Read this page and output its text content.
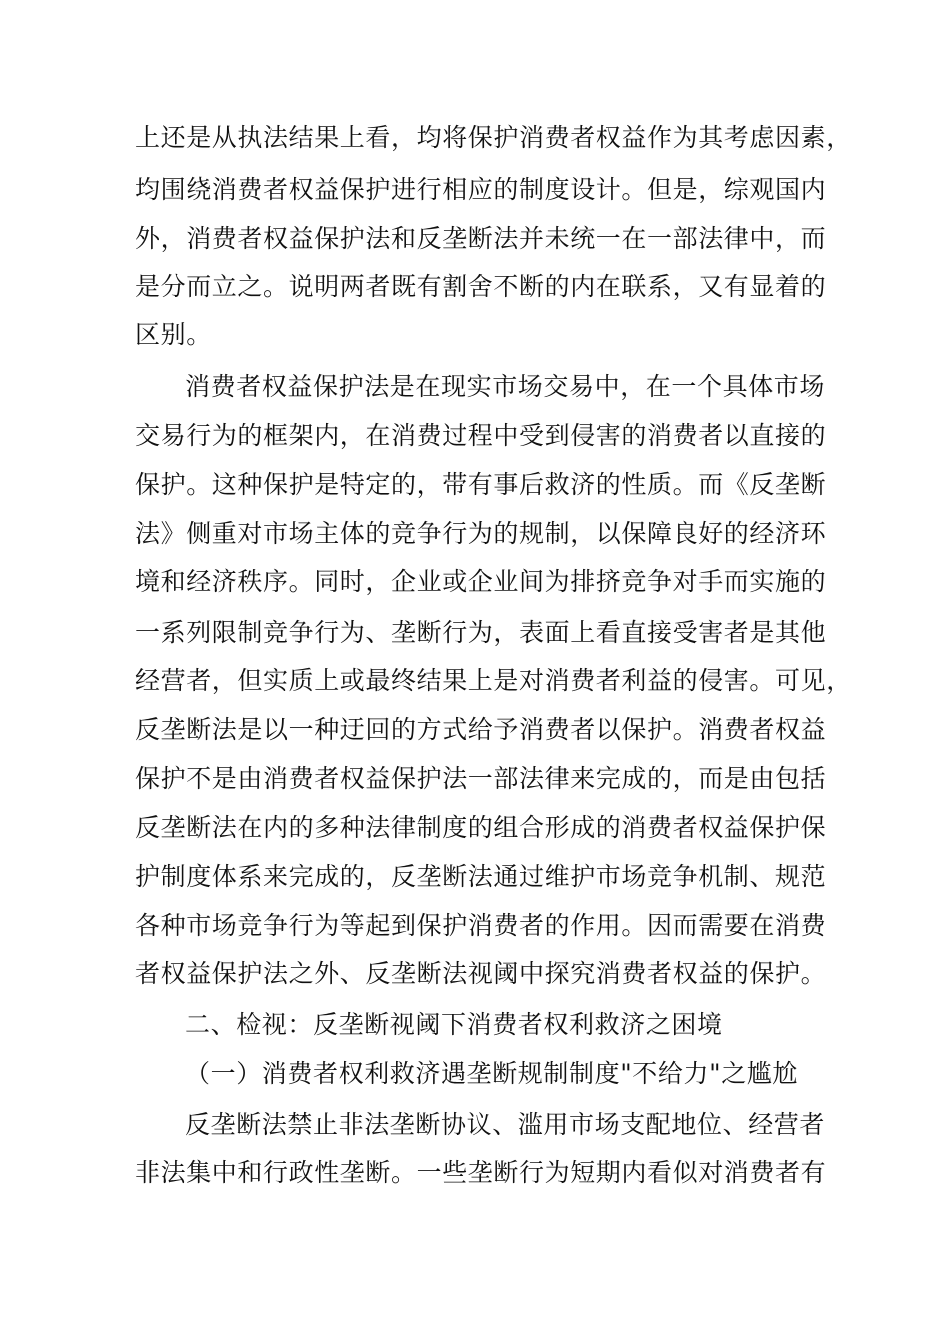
上还是从执法结果上看，均将保护消费者权益作为其考虑因素，
均围绕消费者权益保护进行相应的制度设计。但是，综观国内
外，消费者权益保护法和反垄断法并未统一在一部法律中，而
是分而立之。说明两者既有割舍不断的内在联系，又有显着的
区别。
消费者权益保护法是在现实市场交易中，在一个具体市场
交易行为的框架内，在消费过程中受到侵害的消费者以直接的
保护。这种保护是特定的，带有事后救济的性质。而《反垄断
法》侧重对市场主体的竞争行为的规制，以保障良好的经济环
境和经济秩序。同时，企业或企业间为排挤竞争对手而实施的
一系列限制竞争行为、垄断行为，表面上看直接受害者是其他
经营者，但实质上或最终结果上是对消费者利益的侵害。可见，
反垄断法是以一种迂回的方式给予消费者以保护。消费者权益
保护不是由消费者权益保护法一部法律来完成的，而是由包括
反垄断法在内的多种法律制度的组合形成的消费者权益保护保
护制度体系来完成的，反垄断法通过维护市场竞争机制、规范
各种市场竞争行为等起到保护消费者的作用。因而需要在消费
者权益保护法之外、反垄断法视阈中探究消费者权益的保护。
二、检视：反垄断视阈下消费者权利救济之困境
（一）消费者权利救济遇垄断规制制度"不给力"之尴尬
反垄断法禁止非法垄断协议、滥用市场支配地位、经营者
非法集中和行政性垄断。一些垄断行为短期内看似对消费者有
